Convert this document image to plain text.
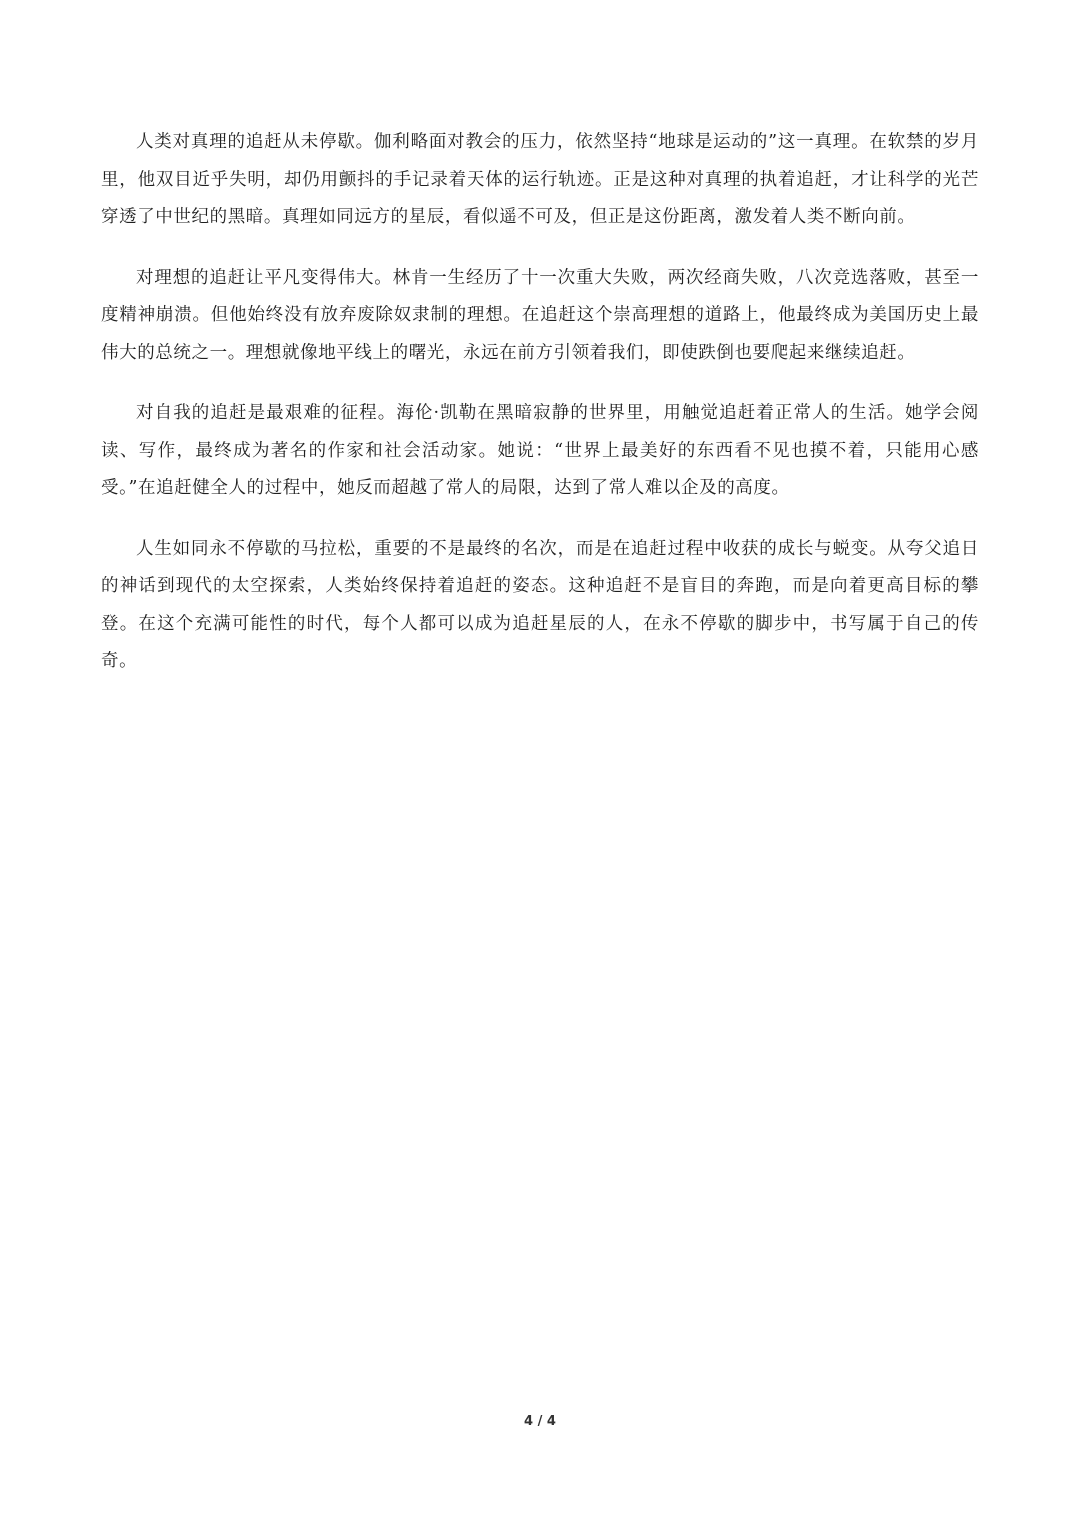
人类对真理的追赶从未停歇。伽利略面对教会的压力，依然坚持“地球是运动的”这一真理。在软禁的岁月里，他双目近乎失明，却仍用颤抖的手记录着天体的运行轨迹。正是这种对真理的执着追赶，才让科学的光芒穿透了中世纪的黑暗。真理如同远方的星辰，看似遥不可及，但正是这份距离，激发着人类不断向前。

对理想的追赶让平凡变得伟大。林肯一生经历了十一次重大失败，两次经商失败，八次竞选落败，甚至一度精神崩溃。但他始终没有放弃废除奴隶制的理想。在追赶这个崇高理想的道路上，他最终成为美国历史上最伟大的总统之一。理想就像地平线上的曙光，永远在前方引领着我们，即使跌倒也要爬起来继续追赶。

对自我的追赶是最艰难的征程。海伦·凯勒在黑暗寂静的世界里，用触觉追赶着正常人的生活。她学会阅读、写作，最终成为著名的作家和社会活动家。她说：“世界上最美好的东西看不见也摸不着，只能用心感受。”在追赶健全人的过程中，她反而超越了常人的局限，达到了常人难以企及的高度。

人生如同永不停歇的马拉松，重要的不是最终的名次，而是在追赶过程中收获的成长与蜕变。从夸父追日的神话到现代的太空探索，人类始终保持着追赶的姿态。这种追赶不是盲目的奔跑，而是向着更高目标的攀登。在这个充满可能性的时代，每个人都可以成为追赶星辰的人，在永不停歇的脚步中，书写属于自己的传奇。

4 / 4
